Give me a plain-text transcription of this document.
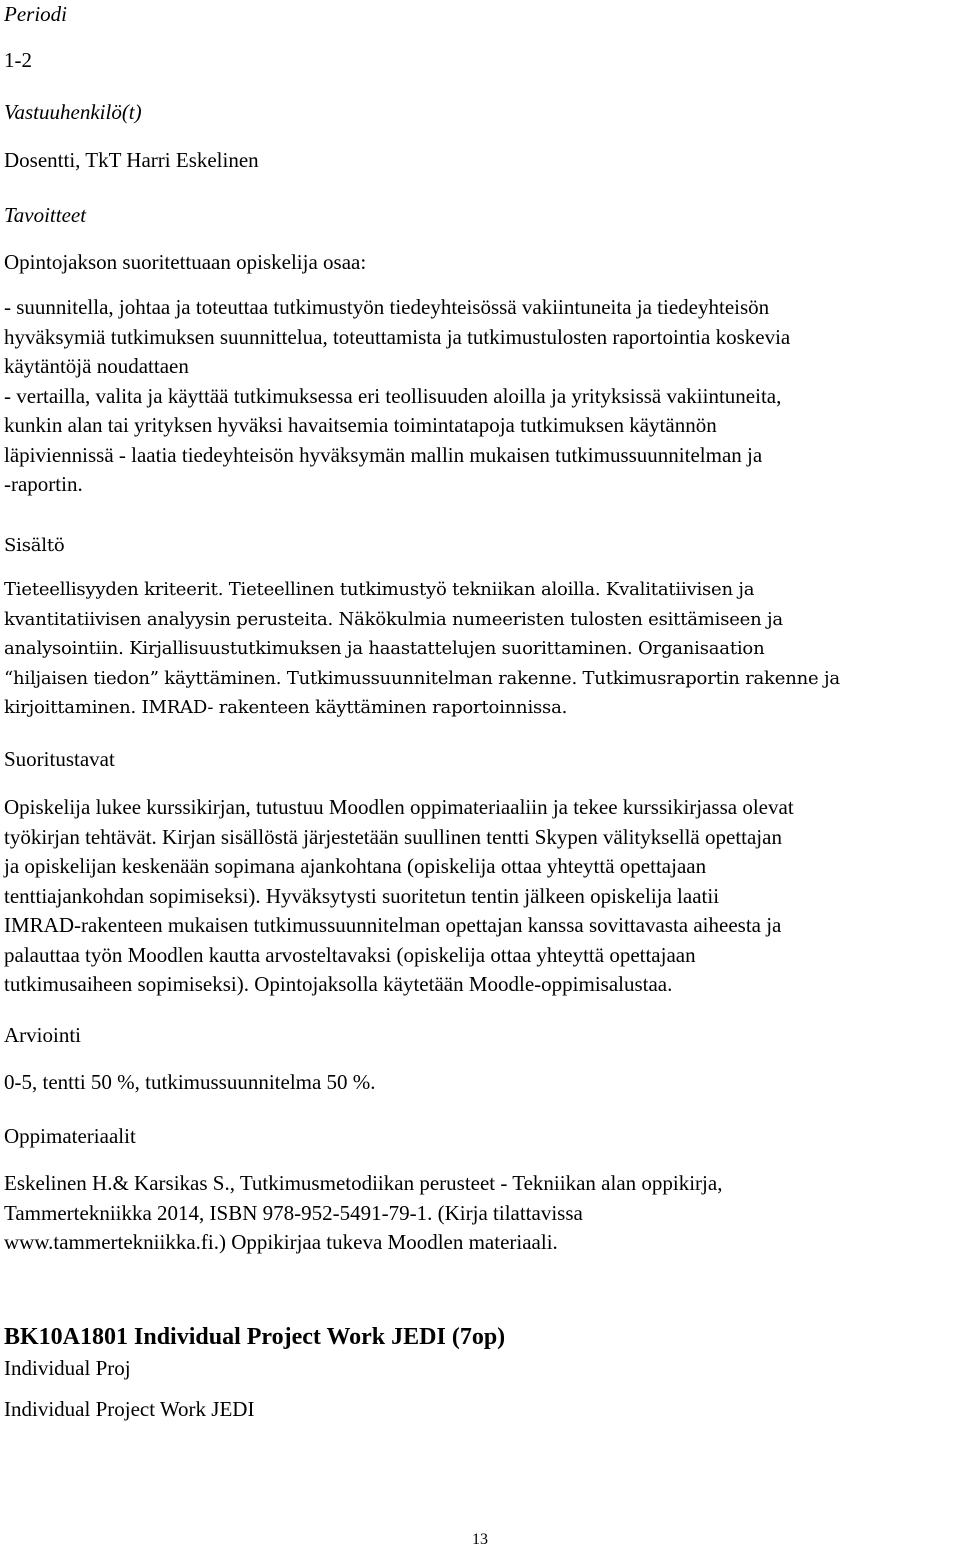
Periodi

1-2

Vastuuhenkilö(t)

Dosentti, TkT Harri Eskelinen

Tavoitteet

Opintojakson suoritettuaan opiskelija osaa:

- suunnitella, johtaa ja toteuttaa tutkimustyön tiedeyhteisössä vakiintuneita ja tiedeyhteisön
hyväksymiä tutkimuksen suunnittelua, toteuttamista ja tutkimustulosten raportointia koskevia
käytäntöjä noudattaen
- vertailla, valita ja käyttää tutkimuksessa eri teollisuuden aloilla ja yrityksissä vakiintuneita,
kunkin alan tai yrityksen hyväksi havaitsemia toimintatapoja tutkimuksen käytännön
läpiviennissä - laatia tiedeyhteisön hyväksymän mallin mukaisen tutkimussuunnitelman ja
-raportin.

Sisältö

Tieteellisyyden kriteerit. Tieteellinen tutkimustyö tekniikan aloilla. Kvalitatiivisen ja
kvantitatiivisen analyysin perusteita. Näkökulmia numeeristen tulosten esittämiseen ja
analysointiin. Kirjallisuustutkimuksen ja haastattelujen suorittaminen. Organisaation
“hiljaisen tiedon” käyttäminen. Tutkimussuunnitelman rakenne. Tutkimusraportin rakenne ja
kirjoittaminen. IMRAD- rakenteen käyttäminen raportoinnissa.

Suoritustavat

Opiskelija lukee kurssikirjan, tutustuu Moodlen oppimateriaaliin ja tekee kurssikirjassa olevat
työkirjan tehtävät. Kirjan sisällöstä järjestetään suullinen tentti Skypen välityksellä opettajan
ja opiskelijan keskenään sopimana ajankohtana (opiskelija ottaa yhteyttä opettajaan
tenttiajankohdan sopimiseksi). Hyväksytysti suoritetun tentin jälkeen opiskelija laatii
IMRAD-rakenteen mukaisen tutkimussuunnitelman opettajan kanssa sovittavasta aiheesta ja
palauttaa työn Moodlen kautta arvosteltavaksi (opiskelija ottaa yhteyttä opettajaan
tutkimusaiheen sopimiseksi). Opintojaksolla käytetään Moodle-oppimisalustaa.

Arviointi

0-5, tentti 50 %, tutkimussuunnitelma 50 %.

Oppimateriaalit

Eskelinen H.& Karsikas S., Tutkimusmetodiikan perusteet - Tekniikan alan oppikirja,
Tammertekniikka 2014, ISBN 978-952-5491-79-1. (Kirja tilattavissa
www.tammertekniikka.fi.) Oppikirjaa tukeva Moodlen materiaali.

BK10A1801 Individual Project Work JEDI (7op)

Individual Proj

Individual Project Work JEDI

13
